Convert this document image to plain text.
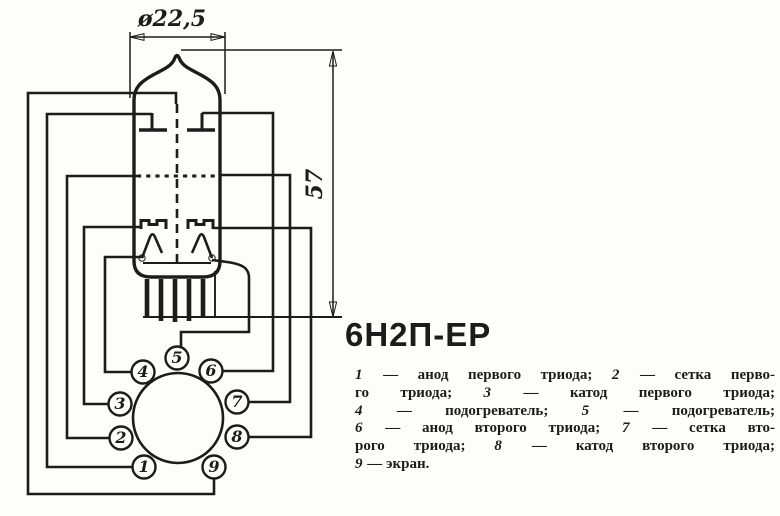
ø22,5
57
1
2
3
4
5
6
7
8
9
6Н2П-ЕР
1 — анод первого триода; 2 — сетка перво-
го триода; 3 — катод первого триода;
4 — подогреватель; 5 — подогреватель;
6 — анод второго триода; 7 — сетка вто-
рого триода; 8 — катод второго триода;
9 — экран.
